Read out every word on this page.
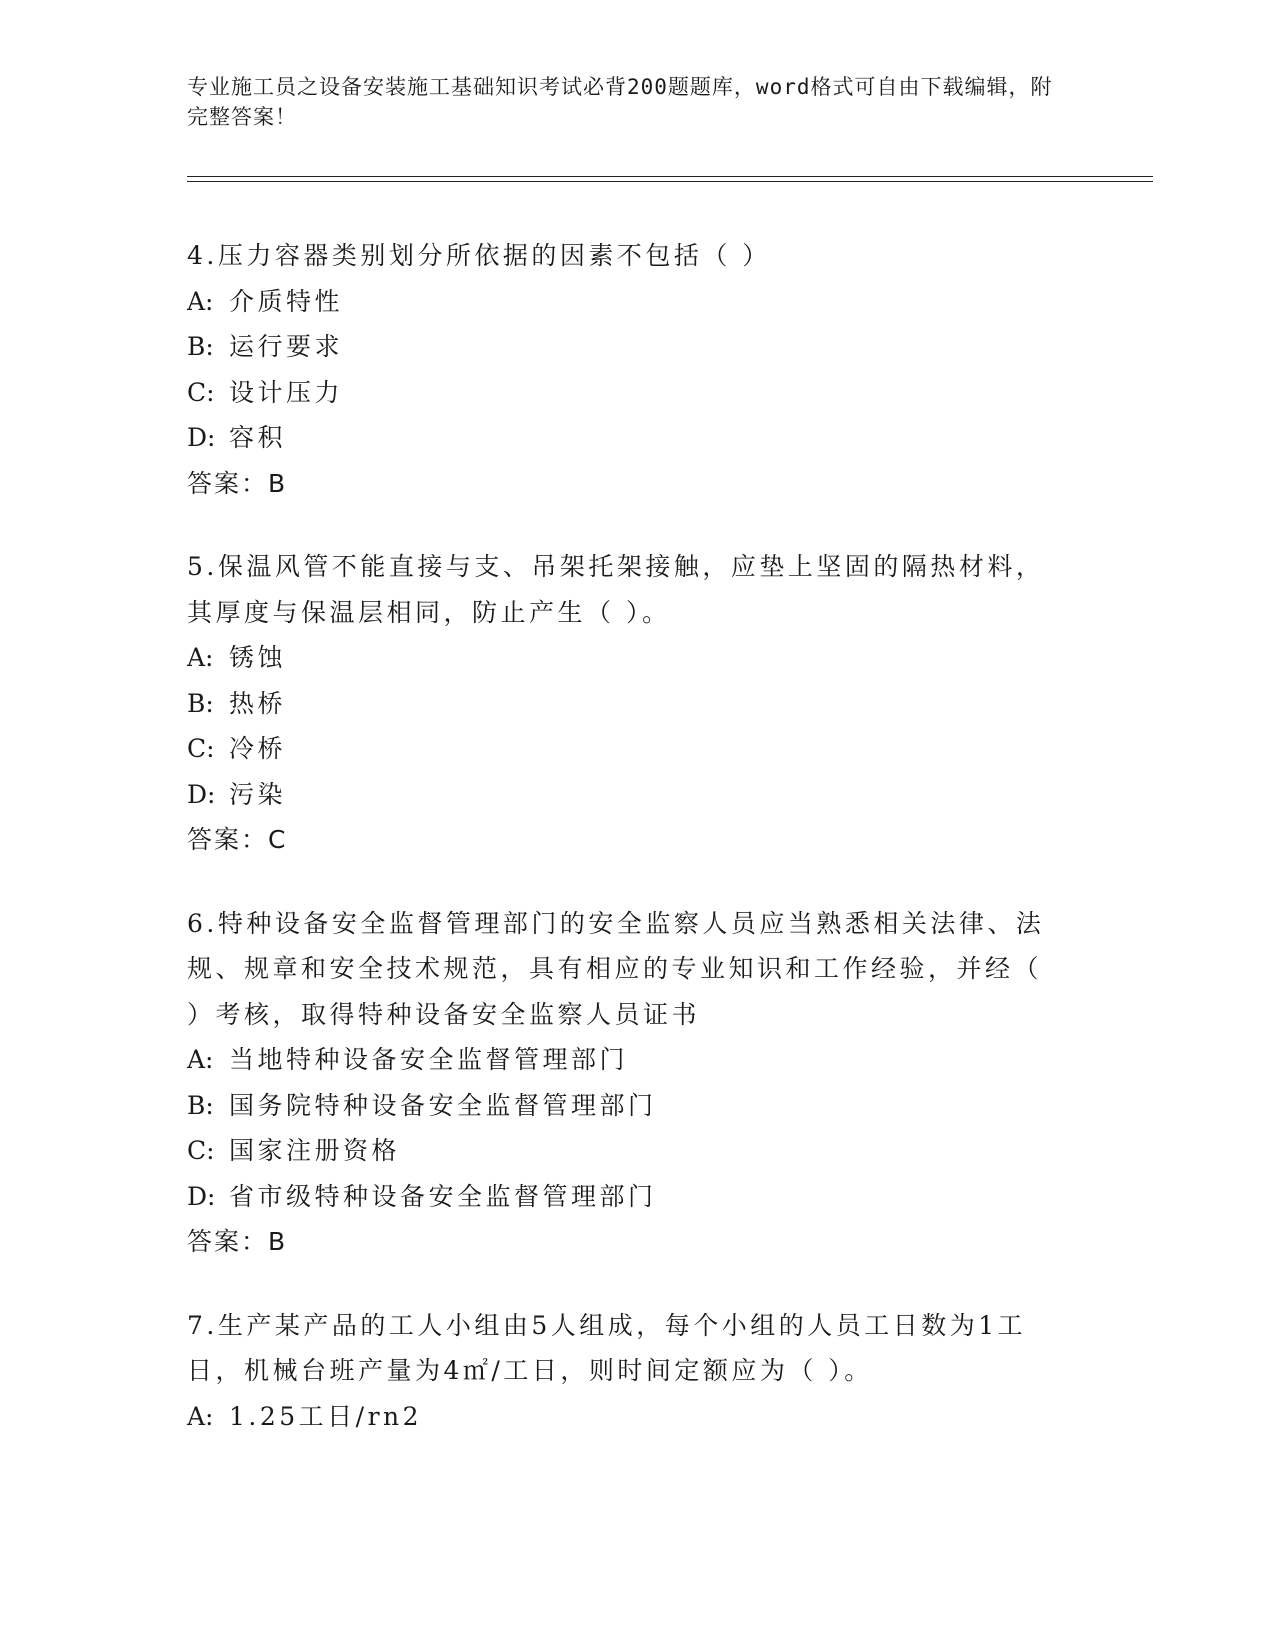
专业施工员之设备安装施工基础知识考试必背200题题库，word格式可自由下载编辑，附完整答案！

4.压力容器类别划分所依据的因素不包括（ ）

A: 介质特性

B: 运行要求

C: 设计压力

D: 容积

答案：B

5.保温风管不能直接与支、吊架托架接触，应垫上坚固的隔热材料，其厚度与保温层相同，防止产生（ ）。

A: 锈蚀

B: 热桥

C: 冷桥

D: 污染

答案：C

6.特种设备安全监督管理部门的安全监察人员应当熟悉相关法律、法规、规章和安全技术规范，具有相应的专业知识和工作经验，并经（ ）考核，取得特种设备安全监察人员证书

A: 当地特种设备安全监督管理部门

B: 国务院特种设备安全监督管理部门

C: 国家注册资格

D: 省市级特种设备安全监督管理部门

答案：B

7.生产某产品的工人小组由5人组成，每个小组的人员工日数为1工日，机械台班产量为4㎡/工日，则时间定额应为（ ）。

A: 1.25工日/rn2
